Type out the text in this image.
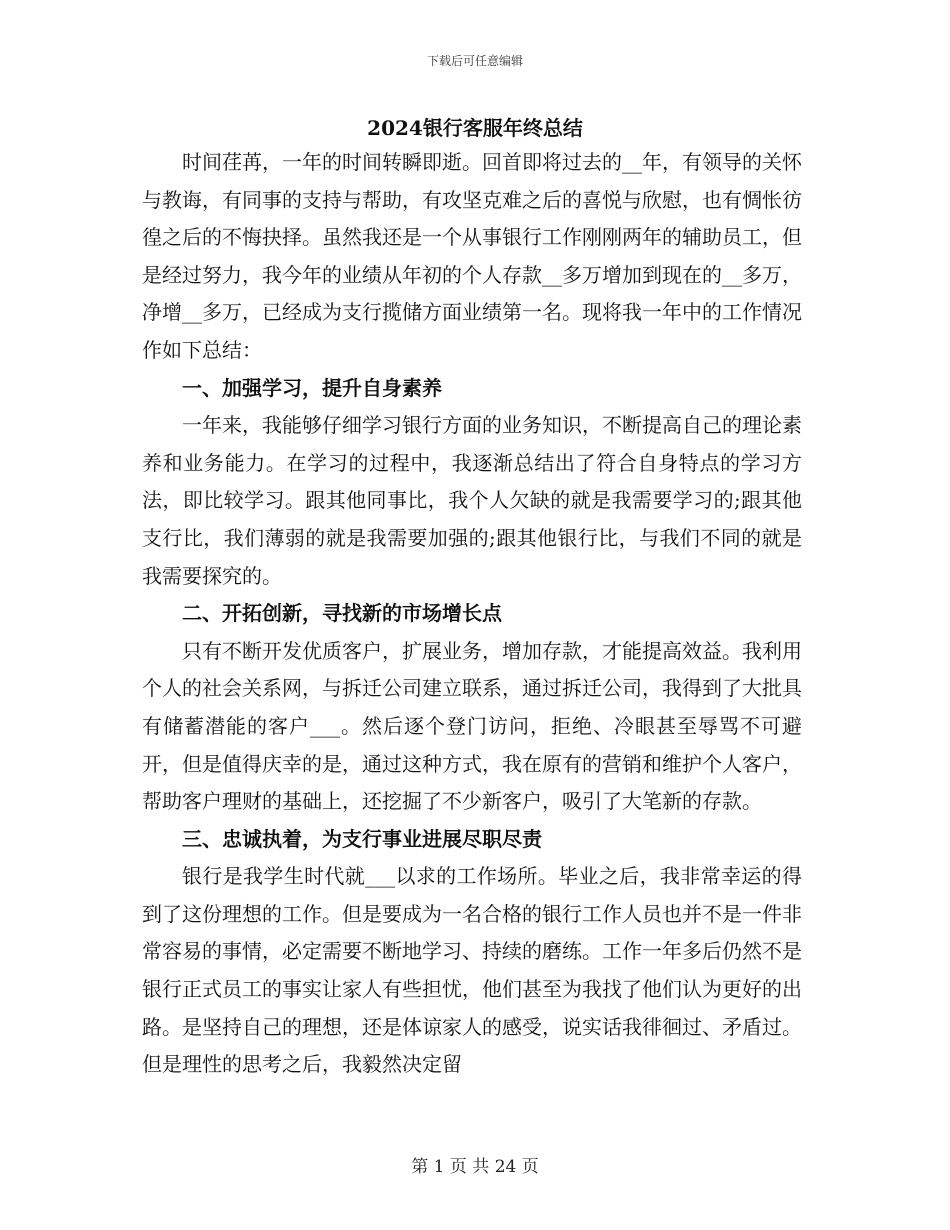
下载后可任意编辑
2024银行客服年终总结

时间荏苒，一年的时间转瞬即逝。回首即将过去的__年，有领导的关怀与教诲，有同事的支持与帮助，有攻坚克难之后的喜悦与欣慰，也有惆怅彷徨之后的不悔抉择。虽然我还是一个从事银行工作刚刚两年的辅助员工，但是经过努力，我今年的业绩从年初的个人存款__多万增加到现在的__多万，净增__多万，已经成为支行揽储方面业绩第一名。现将我一年中的工作情况作如下总结：

一、加强学习，提升自身素养

一年来，我能够仔细学习银行方面的业务知识，不断提高自己的理论素养和业务能力。在学习的过程中，我逐渐总结出了符合自身特点的学习方法，即比较学习。跟其他同事比，我个人欠缺的就是我需要学习的;跟其他支行比，我们薄弱的就是我需要加强的;跟其他银行比，与我们不同的就是我需要探究的。

二、开拓创新，寻找新的市场增长点

只有不断开发优质客户，扩展业务，增加存款，才能提高效益。我利用个人的社会关系网，与拆迁公司建立联系，通过拆迁公司，我得到了大批具有储蓄潜能的客户___。然后逐个登门访问，拒绝、冷眼甚至辱骂不可避开，但是值得庆幸的是，通过这种方式，我在原有的营销和维护个人客户，帮助客户理财的基础上，还挖掘了不少新客户，吸引了大笔新的存款。

三、忠诚执着，为支行事业进展尽职尽责

银行是我学生时代就___以求的工作场所。毕业之后，我非常幸运的得到了这份理想的工作。但是要成为一名合格的银行工作人员也并不是一件非常容易的事情，必定需要不断地学习、持续的磨练。工作一年多后仍然不是银行正式员工的事实让家人有些担忧，他们甚至为我找了他们认为更好的出路。是坚持自己的理想，还是体谅家人的感受，说实话我徘徊过、矛盾过。但是理性的思考之后，我毅然决定留

第 1 页 共 24 页
